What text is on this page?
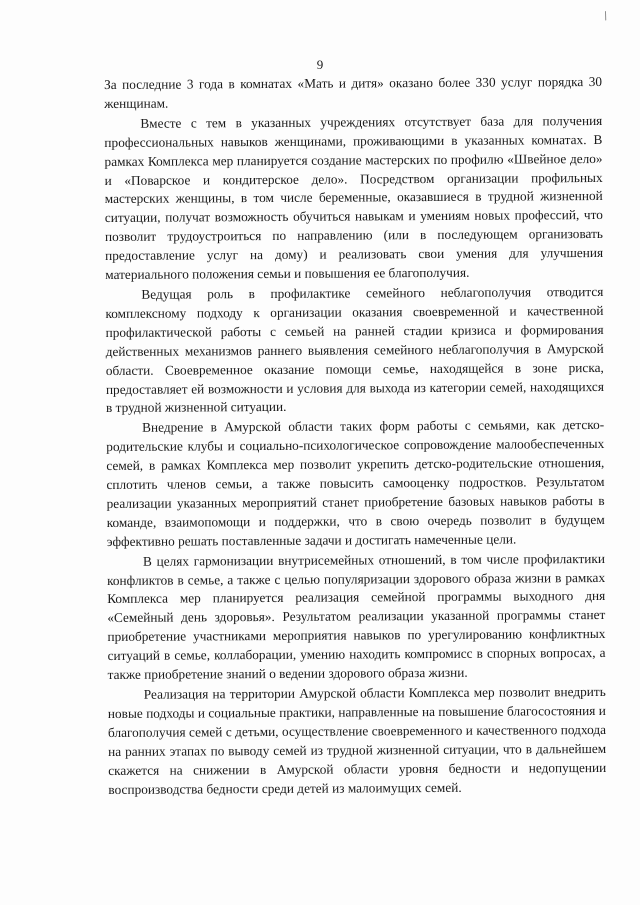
/
9

За последние 3 года в комнатах «Мать и дитя» оказано более 330 услуг порядка 30 женщинам.

Вместе с тем в указанных учреждениях отсутствует база для получения профессиональных навыков женщинами, проживающими в указанных комнатах. В рамках Комплекса мер планируется создание мастерских по профилю «Швейное дело» и «Поварское и кондитерское дело». Посредством организации профильных мастерских женщины, в том числе беременные, оказавшиеся в трудной жизненной ситуации, получат возможность обучиться навыкам и умениям новых профессий, что позволит трудоустроиться по направлению (или в последующем организовать предоставление услуг на дому) и реализовать свои умения для улучшения материального положения семьи и повышения ее благополучия.

Ведущая роль в профилактике семейного неблагополучия отводится комплексному подходу к организации оказания своевременной и качественной профилактической работы с семьей на ранней стадии кризиса и формирования действенных механизмов раннего выявления семейного неблагополучия в Амурской области. Своевременное оказание помощи семье, находящейся в зоне риска, предоставляет ей возможности и условия для выхода из категории семей, находящихся в трудной жизненной ситуации.

Внедрение в Амурской области таких форм работы с семьями, как детско-родительские клубы и социально-психологическое сопровождение малообеспеченных семей, в рамках Комплекса мер позволит укрепить детско-родительские отношения, сплотить членов семьи, а также повысить самооценку подростков. Результатом реализации указанных мероприятий станет приобретение базовых навыков работы в команде, взаимопомощи и поддержки, что в свою очередь позволит в будущем эффективно решать поставленные задачи и достигать намеченные цели.

В целях гармонизации внутрисемейных отношений, в том числе профилактики конфликтов в семье, а также с целью популяризации здорового образа жизни в рамках Комплекса мер планируется реализация семейной программы выходного дня «Семейный день здоровья». Результатом реализации указанной программы станет приобретение участниками мероприятия навыков по урегулированию конфликтных ситуаций в семье, коллаборации, умению находить компромисс в спорных вопросах, а также приобретение знаний о ведении здорового образа жизни.

Реализация на территории Амурской области Комплекса мер позволит внедрить новые подходы и социальные практики, направленные на повышение благосостояния и благополучия семей с детьми, осуществление своевременного и качественного подхода на ранних этапах по выводу семей из трудной жизненной ситуации, что в дальнейшем скажется на снижении в Амурской области уровня бедности и недопущении воспроизводства бедности среди детей из малоимущих семей.
